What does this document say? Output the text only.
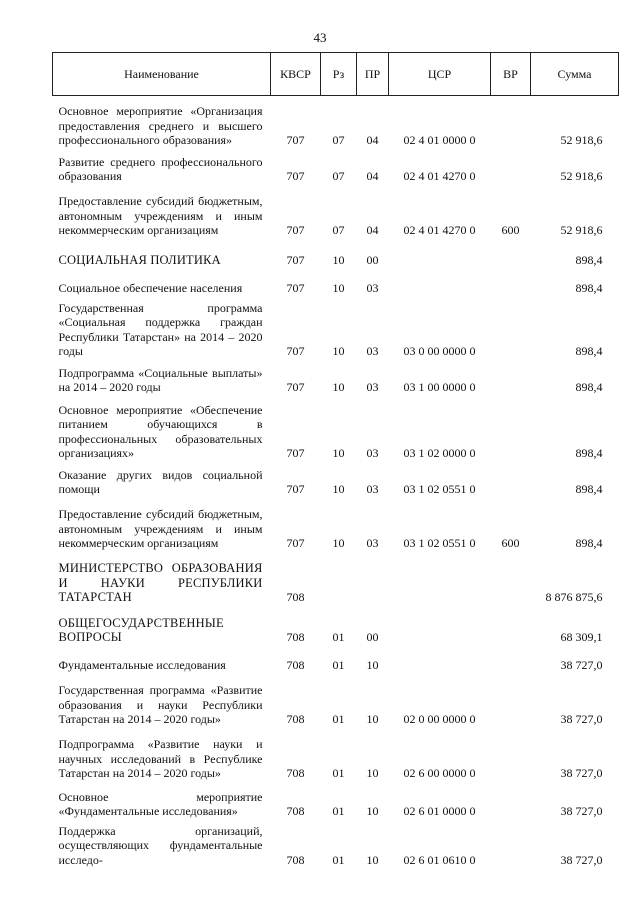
43
Наименование	КВСР	Рз	ПР	ЦСР	ВР	Сумма
Основное мероприятие «Организация предоставления среднего и высшего профессионального образования»	707	07	04	02 4 01 0000 0		52 918,6
Развитие среднего профессионального образования	707	07	04	02 4 01 4270 0		52 918,6
Предоставление субсидий бюджетным, автономным учреждениям и иным некоммерческим организациям	707	07	04	02 4 01 4270 0	600	52 918,6
СОЦИАЛЬНАЯ ПОЛИТИКА	707	10	00			898,4
Социальное обеспечение населения	707	10	03			898,4
Государственная программа «Социальная поддержка граждан Республики Татарстан» на 2014 – 2020 годы	707	10	03	03 0 00 0000 0		898,4
Подпрограмма «Социальные выплаты» на 2014 – 2020 годы	707	10	03	03 1 00 0000 0		898,4
Основное мероприятие «Обеспечение питанием обучающихся в профессиональных образовательных организациях»	707	10	03	03 1 02 0000 0		898,4
Оказание других видов социальной помощи	707	10	03	03 1 02 0551 0		898,4
Предоставление субсидий бюджетным, автономным учреждениям и иным некоммерческим организациям	707	10	03	03 1 02 0551 0	600	898,4
МИНИСТЕРСТВО ОБРАЗОВАНИЯ И НАУКИ РЕСПУБЛИКИ ТАТАРСТАН	708					8 876 875,6
ОБЩЕГОСУДАРСТВЕННЫЕ ВОПРОСЫ	708	01	00			68 309,1
Фундаментальные исследования	708	01	10			38 727,0
Государственная программа «Развитие образования и науки Республики Татарстан на 2014 – 2020 годы»	708	01	10	02 0 00 0000 0		38 727,0
Подпрограмма «Развитие науки и научных исследований в Республике Татарстан на 2014 – 2020 годы»	708	01	10	02 6 00 0000 0		38 727,0
Основное мероприятие «Фундаментальные исследования»	708	01	10	02 6 01 0000 0		38 727,0
Поддержка организаций, осуществляющих фундаментальные исследо-	708	01	10	02 6 01 0610 0		38 727,0
